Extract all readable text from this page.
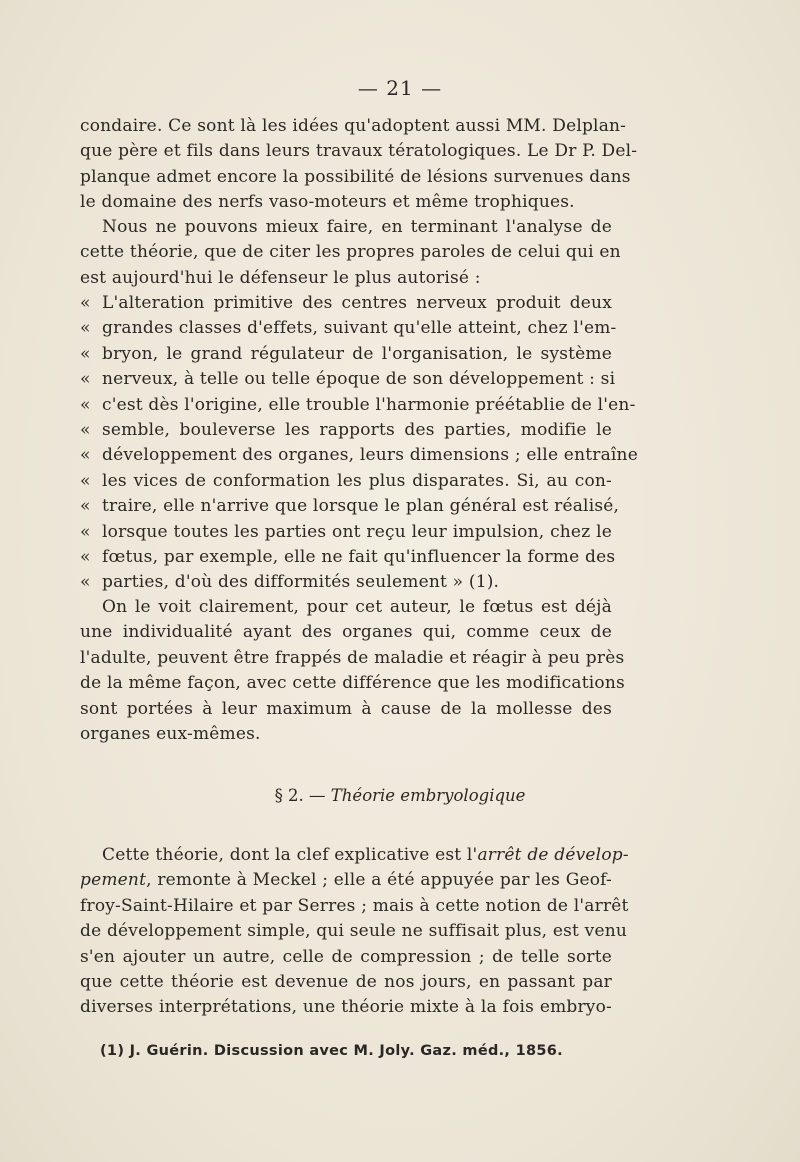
— 21 —
condaire. Ce sont là les idées qu'adoptent aussi MM. Delplan-
que père et fils dans leurs travaux tératologiques. Le Dr P. Del-
planque admet encore la possibilité de lésions survenues dans
le domaine des nerfs vaso-moteurs et même trophiques.
Nous ne pouvons mieux faire, en terminant l'analyse de
cette théorie, que de citer les propres paroles de celui qui en
est aujourd'hui le défenseur le plus autorisé :
« L'alteration primitive des centres nerveux produit deux
« grandes classes d'effets, suivant qu'elle atteint, chez l'em-
« bryon, le grand régulateur de l'organisation, le système
« nerveux, à telle ou telle époque de son développement : si
« c'est dès l'origine, elle trouble l'harmonie préétablie de l'en-
« semble, bouleverse les rapports des parties, modifie le
« développement des organes, leurs dimensions ; elle entraîne
« les vices de conformation les plus disparates. Si, au con-
« traire, elle n'arrive que lorsque le plan général est réalisé,
« lorsque toutes les parties ont reçu leur impulsion, chez le
« fœtus, par exemple, elle ne fait qu'influencer la forme des
« parties, d'où des difformités seulement » (1).
On le voit clairement, pour cet auteur, le fœtus est déjà
une individualité ayant des organes qui, comme ceux de
l'adulte, peuvent être frappés de maladie et réagir à peu près
de la même façon, avec cette différence que les modifications
sont portées à leur maximum à cause de la mollesse des
organes eux-mêmes.
§ 2. — Théorie embryologique
Cette théorie, dont la clef explicative est l'arrêt de dévelop-
pement, remonte à Meckel ; elle a été appuyée par les Geof-
froy-Saint-Hilaire et par Serres ; mais à cette notion de l'arrêt
de développement simple, qui seule ne suffisait plus, est venu
s'en ajouter un autre, celle de compression ; de telle sorte
que cette théorie est devenue de nos jours, en passant par
diverses interprétations, une théorie mixte à la fois embryo-
(1) J. Guérin. Discussion avec M. Joly. Gaz. méd., 1856.
